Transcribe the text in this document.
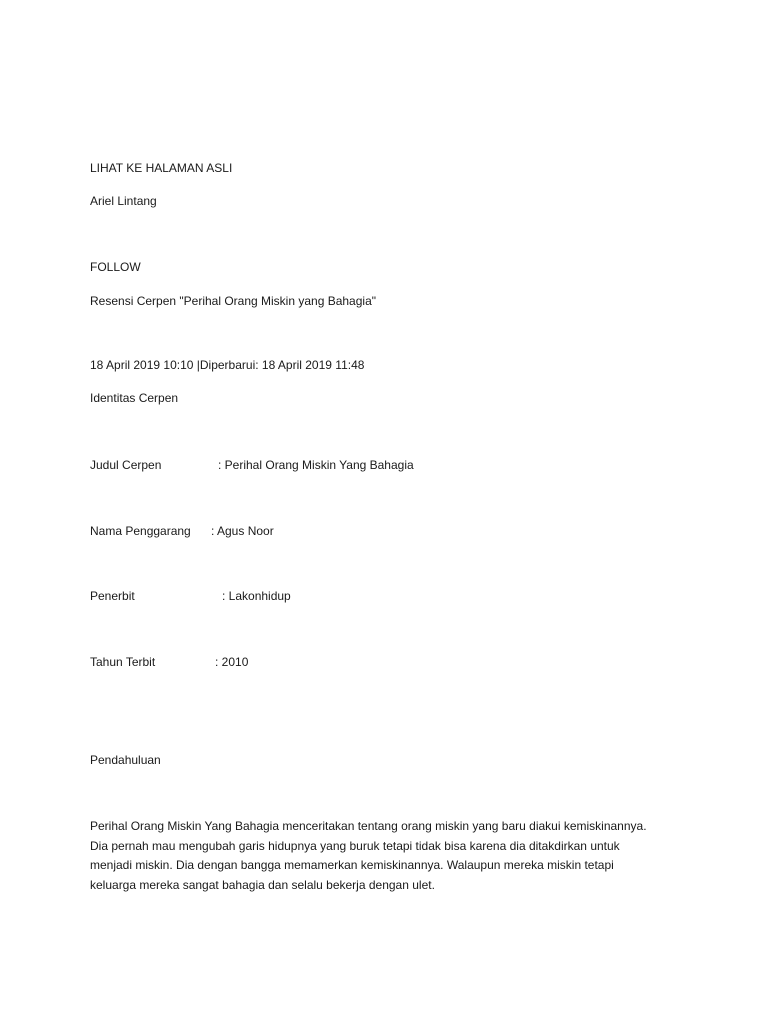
LIHAT KE HALAMAN ASLI
Ariel Lintang
FOLLOW
Resensi Cerpen "Perihal Orang Miskin yang Bahagia"
18 April 2019 10:10 |Diperbarui: 18 April 2019 11:48
Identitas Cerpen
Judul Cerpen	: Perihal Orang Miskin Yang Bahagia
Nama Penggarang : Agus Noor
Penerbit	: Lakonhidup
Tahun Terbit	: 2010
Pendahuluan
Perihal Orang Miskin Yang Bahagia menceritakan tentang orang miskin yang baru diakui kemiskinannya.
Dia pernah mau mengubah garis hidupnya yang buruk tetapi tidak bisa karena dia ditakdirkan untuk
menjadi miskin. Dia dengan bangga memamerkan kemiskinannya. Walaupun mereka miskin tetapi
keluarga mereka sangat bahagia dan selalu bekerja dengan ulet.
